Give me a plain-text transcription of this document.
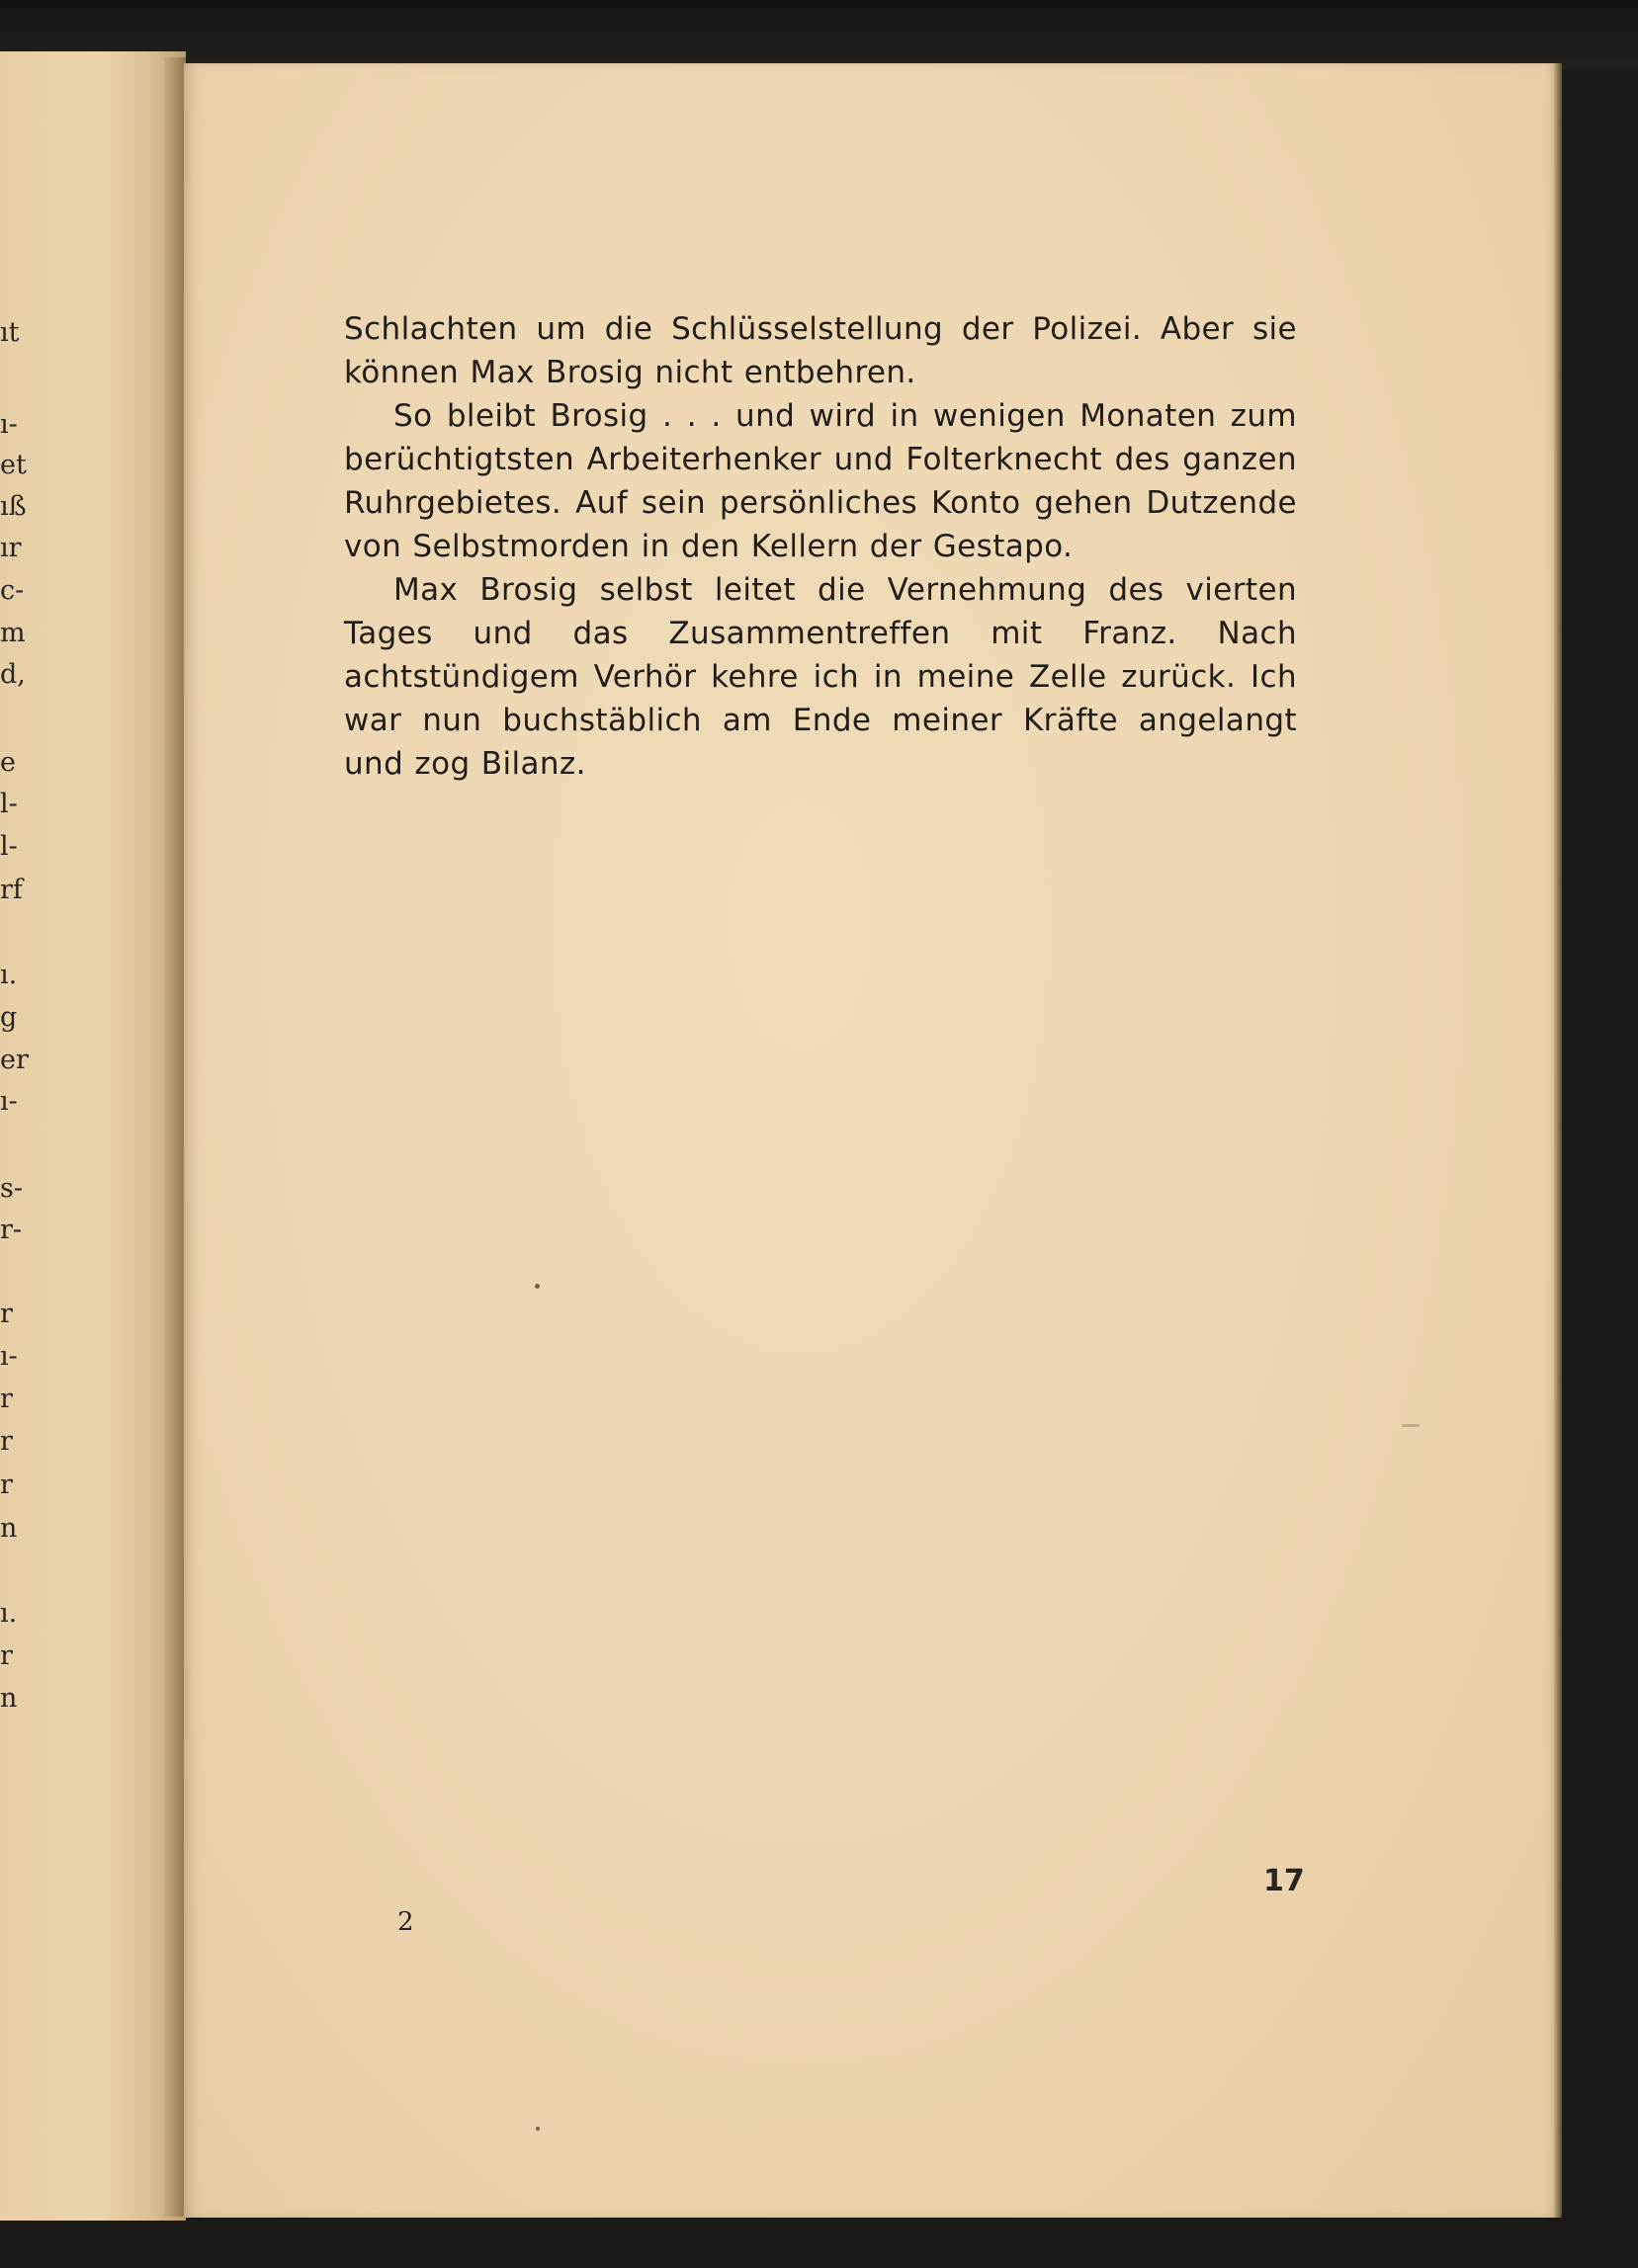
ıt
ı-
et
ıß
ır
c-
m
d,
e
l-
l-
rf
ı.
g
er
ı-
s-
r-
r
ı-
r
r
r
n
ı.
r
n

Schlachten um die Schlüsselstellung der Polizei. Aber sie können Max Brosig nicht entbehren.

So bleibt Brosig . . . und wird in wenigen Monaten zum berüchtigtsten Arbeiterhenker und Folterknecht des ganzen Ruhrgebietes. Auf sein persönliches Konto gehen Dutzende von Selbstmorden in den Kellern der Gestapo.

Max Brosig selbst leitet die Vernehmung des vierten Tages und das Zusammentreffen mit Franz. Nach achtstündigem Verhör kehre ich in meine Zelle zurück. Ich war nun buchstäblich am Ende meiner Kräfte angelangt und zog Bilanz.

2
17
